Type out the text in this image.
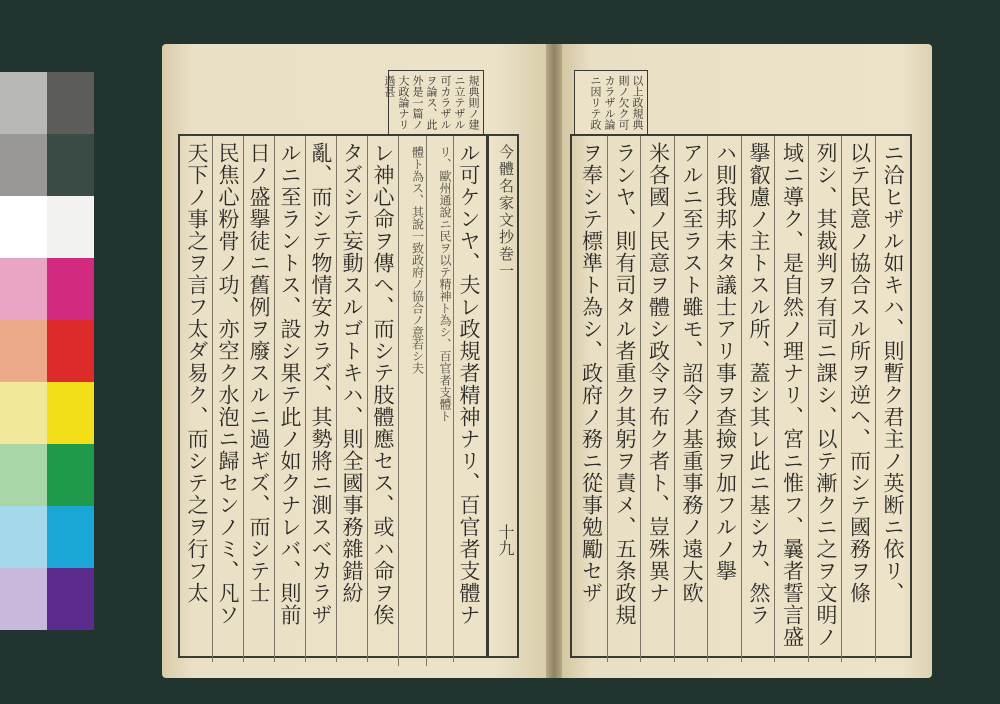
規典則ノ建ニ立テザル可カラザルヲ論ス、此外是一篇ノ大政論ナリ過甚	以上政規典則ノ欠ク可カラザル論ニ因リテ政
ル可ケンヤ、夫レ政規者精神ナリ、百官者支體ナ
リ、歐州通說ニ民ヲ以テ精神ト為シ、百官者支體ト
體ト為ス、其說一致政府ノ協合ノ意若シ夫
レ神心命ヲ傳ヘ、而シテ肢體應セス、或ハ命ヲ俟
タズシテ妄動スルゴトキハ、則全國事務雜錯紛
亂、而シテ物情安カラズ、其勢將ニ測スベカラザ
ルニ至ラントス、設シ果テ此ノ如クナレバ、則前
日ノ盛擧徒ニ舊例ヲ廢スルニ過ギズ、而シテ士
民焦心粉骨ノ功、亦空ク水泡ニ歸センノミ、凡ソ
天下ノ事之ヲ言フ太ダ易ク、而シテ之ヲ行フ太	今體名家文抄巻一
十九	ニ洽ヒザル如キハ、則暫ク君主ノ英断ニ依リ、
以テ民意ノ協合スル所ヲ逆ヘ、而シテ國務ヲ條
列シ、其裁判ヲ有司ニ課シ、以テ漸クニ之ヲ文明ノ
域ニ導ク、是自然ノ理ナリ、宮ニ惟フ、曩者誓言盛
擧叡慮ノ主トスル所、蓋シ其レ此ニ基シカ、然ラ
ハ則我邦未タ議士アリ事ヲ查撿ヲ加フルノ擧
アルニ至ラスト雖モ、詔令ノ基重事務ノ遠大欧
米各國ノ民意ヲ體シ政令ヲ布ク者ト、豈殊異ナ
ランヤ、則有司タル者重ク其躬ヲ責メ、五条政規
ヲ奉シテ標準ト為シ、政府ノ務ニ從事勉勵セザ
